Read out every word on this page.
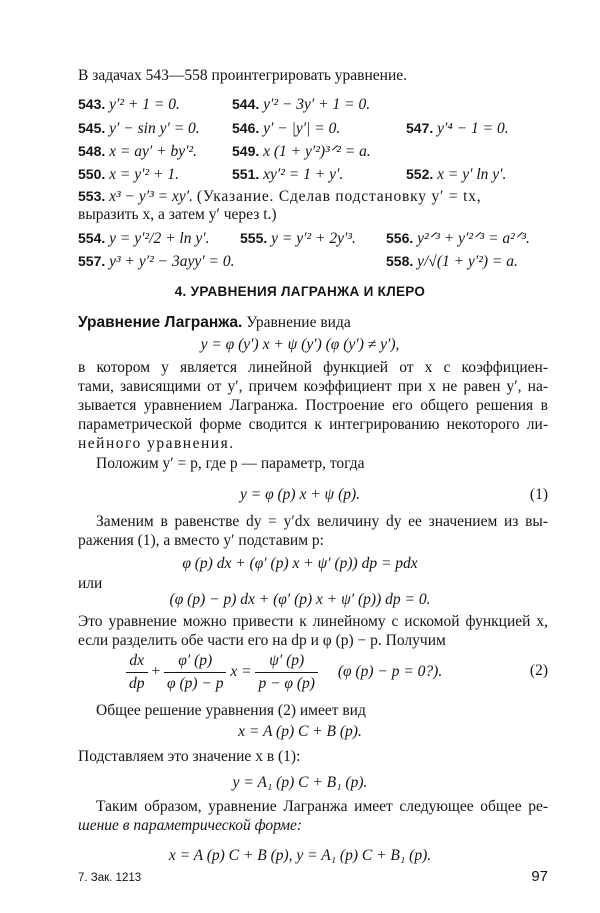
В задачах 543—558 проинтегрировать уравнение.
543. y′² + 1 = 0.	544. y′² − 3y′ + 1 = 0.
545. y′ − sin y′ = 0. 546. y′ − |y′| = 0.	547. y′⁴ − 1 = 0.
548. x = ay′ + by′².	549. x (1 + y′²)³ᐟ² = a.
550. x = y′² + 1.	551. xy′² = 1 + y′.	552. x = y′ ln y′.
553. x³ − y′³ = xy′. (Указание. Сделав подстановку y′ = tx,
выразить x, а затем y′ через t.)
554. y = y′²/2 + ln y′. 555. y = y′² + 2y′³. 556. y²ᐟ³ + y′²ᐟ³ = a²ᐟ³.
557. y³ + y′² − 3ayy′ = 0.	558. y/√(1 + y′²) = a.
4. УРАВНЕНИЯ ЛАГРАНЖА И КЛЕРО
Уравнение Лагранжа. Уравнение вида
y = φ (y′) x + ψ (y′) (φ (y′) ≠ y′),
в котором y является линейной функцией от x с коэффициен-
тами, зависящими от y′, причем коэффициент при x не равен y′, на-
зывается уравнением Лагранжа. Построение его общего решения в
параметрической форме сводится к интегрированию некоторого ли-
нейного уравнения.
Положим y′ = p, где p — параметр, тогда
y = φ (p) x + ψ (p).	(1)
Заменим в равенстве dy = y′dx величину dy ее значением из вы-
ражения (1), а вместо y′ подставим p:
φ (p) dx + (φ′ (p) x + ψ′ (p)) dp = pdx
или
(φ (p) − p) dx + (φ′ (p) x + ψ′ (p)) dp = 0.
Это уравнение можно привести к линейному с искомой функцией x,
если разделить обе части его на dp и φ (p) − p. Получим
$\frac{dx}{dp} + \frac{\varphi' (p)}{\varphi (p) - p}$ $x = \frac{\psi' (p)}{p - \varphi (p)} (\varphi$ (p) − p = 0?).	(2)
Общее решение уравнения (2) имеет вид
x = A (p) C + B (p).
Подставляем это значение x в (1):
y = A₁ (p) C + B₁ (p).
Таким образом, уравнение Лагранжа имеет следующее общее ре-
шение в параметрической форме:
x = A (p) C + B (p), y = A₁ (p) C + B₁ (p).
7. Зак. 1213	97
